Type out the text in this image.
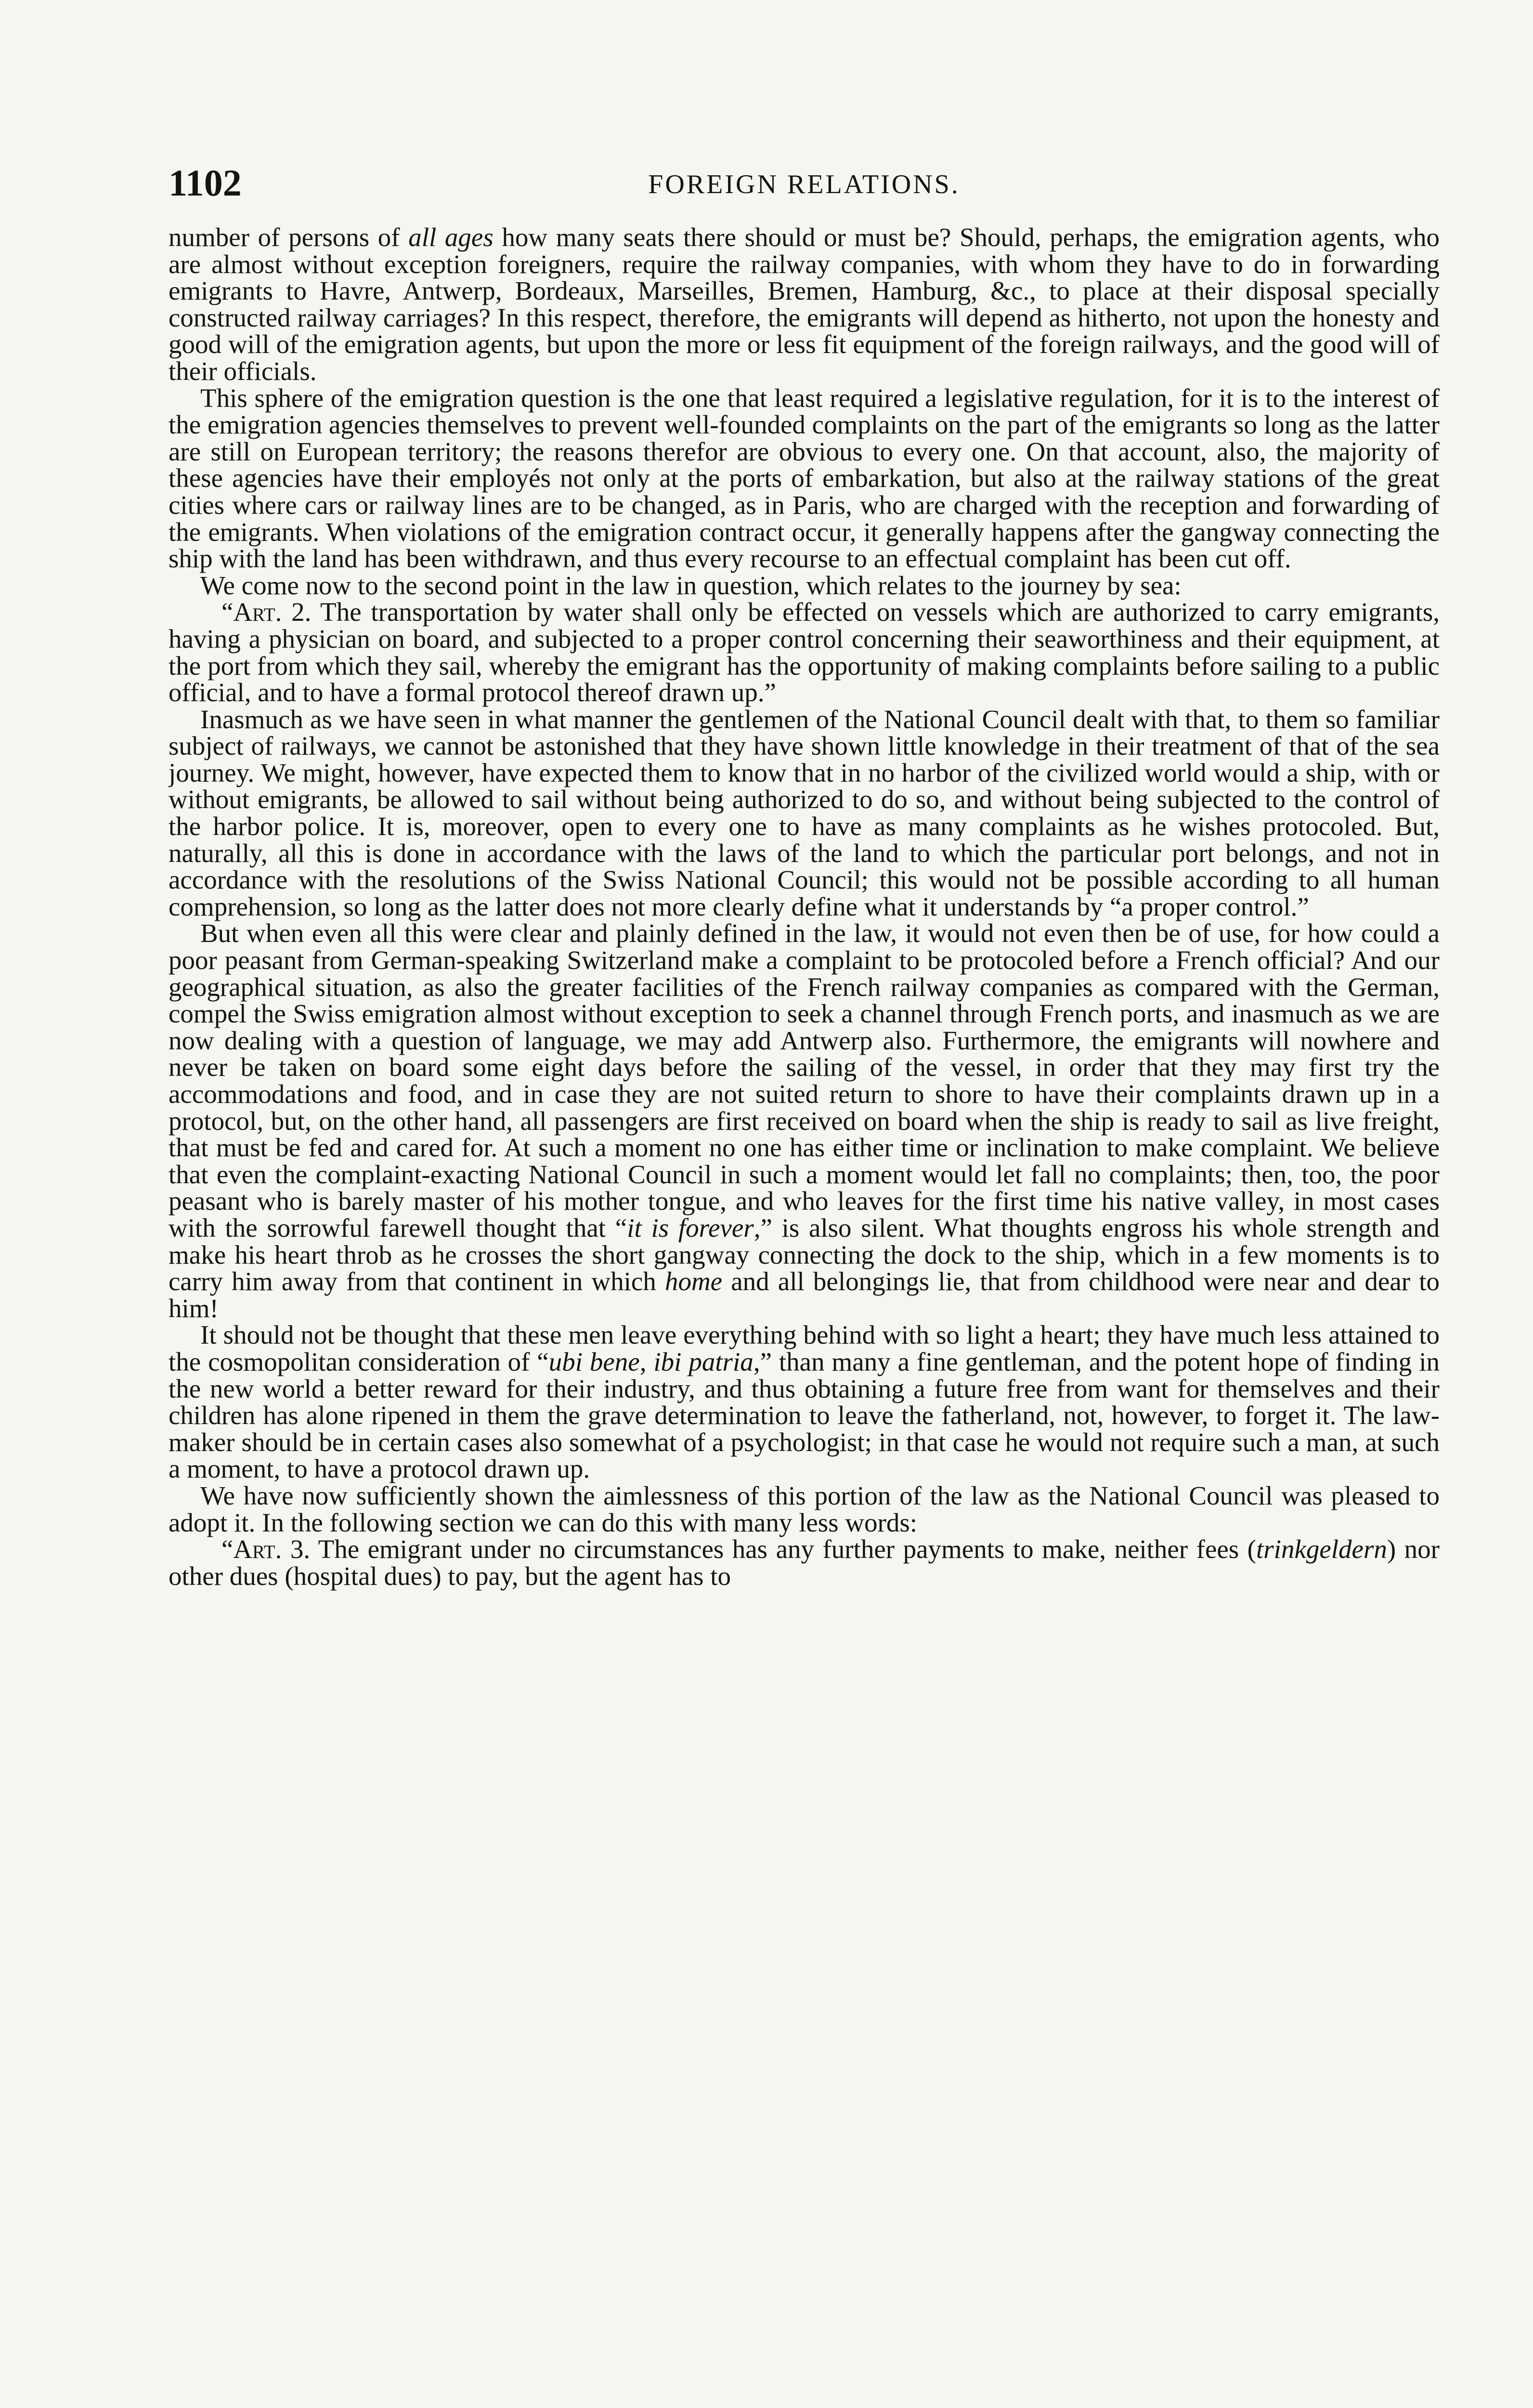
1102	FOREIGN RELATIONS.

number of persons of all ages how many seats there should or must be? Should, perhaps, the emigration agents, who are almost without exception foreigners, require the railway companies, with whom they have to do in forwarding emigrants to Havre, Antwerp, Bordeaux, Marseilles, Bremen, Hamburg, &c., to place at their disposal specially constructed railway carriages? In this respect, therefore, the emigrants will depend as hitherto, not upon the honesty and good will of the emigration agents, but upon the more or less fit equipment of the foreign railways, and the good will of their officials.

This sphere of the emigration question is the one that least required a legislative regulation, for it is to the interest of the emigration agencies themselves to prevent well-founded complaints on the part of the emigrants so long as the latter are still on European territory; the reasons therefor are obvious to every one. On that account, also, the majority of these agencies have their employés not only at the ports of embarkation, but also at the railway stations of the great cities where cars or railway lines are to be changed, as in Paris, who are charged with the reception and forwarding of the emigrants. When violations of the emigration contract occur, it generally happens after the gangway connecting the ship with the land has been withdrawn, and thus every recourse to an effectual complaint has been cut off.

We come now to the second point in the law in question, which relates to the journey by sea:

“Art. 2. The transportation by water shall only be effected on vessels which are authorized to carry emigrants, having a physician on board, and subjected to a proper control concerning their seaworthiness and their equipment, at the port from which they sail, whereby the emigrant has the opportunity of making complaints before sailing to a public official, and to have a formal protocol thereof drawn up.”

Inasmuch as we have seen in what manner the gentlemen of the National Council dealt with that, to them so familiar subject of railways, we cannot be astonished that they have shown little knowledge in their treatment of that of the sea journey. We might, however, have expected them to know that in no harbor of the civilized world would a ship, with or without emigrants, be allowed to sail without being authorized to do so, and without being subjected to the control of the harbor police. It is, moreover, open to every one to have as many complaints as he wishes protocoled. But, naturally, all this is done in accordance with the laws of the land to which the particular port belongs, and not in accordance with the resolutions of the Swiss National Council; this would not be possible according to all human comprehension, so long as the latter does not more clearly define what it understands by “a proper control.”

But when even all this were clear and plainly defined in the law, it would not even then be of use, for how could a poor peasant from German-speaking Switzerland make a complaint to be protocoled before a French official? And our geographical situation, as also the greater facilities of the French railway companies as compared with the German, compel the Swiss emigration almost without exception to seek a channel through French ports, and inasmuch as we are now dealing with a question of language, we may add Antwerp also. Furthermore, the emigrants will nowhere and never be taken on board some eight days before the sailing of the vessel, in order that they may first try the accommodations and food, and in case they are not suited return to shore to have their complaints drawn up in a protocol, but, on the other hand, all passengers are first received on board when the ship is ready to sail as live freight, that must be fed and cared for. At such a moment no one has either time or inclination to make complaint. We believe that even the complaint-exacting National Council in such a moment would let fall no complaints; then, too, the poor peasant who is barely master of his mother tongue, and who leaves for the first time his native valley, in most cases with the sorrowful farewell thought that “it is forever,” is also silent. What thoughts engross his whole strength and make his heart throb as he crosses the short gangway connecting the dock to the ship, which in a few moments is to carry him away from that continent in which home and all belongings lie, that from childhood were near and dear to him!

It should not be thought that these men leave everything behind with so light a heart; they have much less attained to the cosmopolitan consideration of “ubi bene, ibi patria,” than many a fine gentleman, and the potent hope of finding in the new world a better reward for their industry, and thus obtaining a future free from want for themselves and their children has alone ripened in them the grave determination to leave the fatherland, not, however, to forget it. The law-maker should be in certain cases also somewhat of a psychologist; in that case he would not require such a man, at such a moment, to have a protocol drawn up.

We have now sufficiently shown the aimlessness of this portion of the law as the National Council was pleased to adopt it. In the following section we can do this with many less words:

“Art. 3. The emigrant under no circumstances has any further payments to make, neither fees (trinkgeldern) nor other dues (hospital dues) to pay, but the agent has to
